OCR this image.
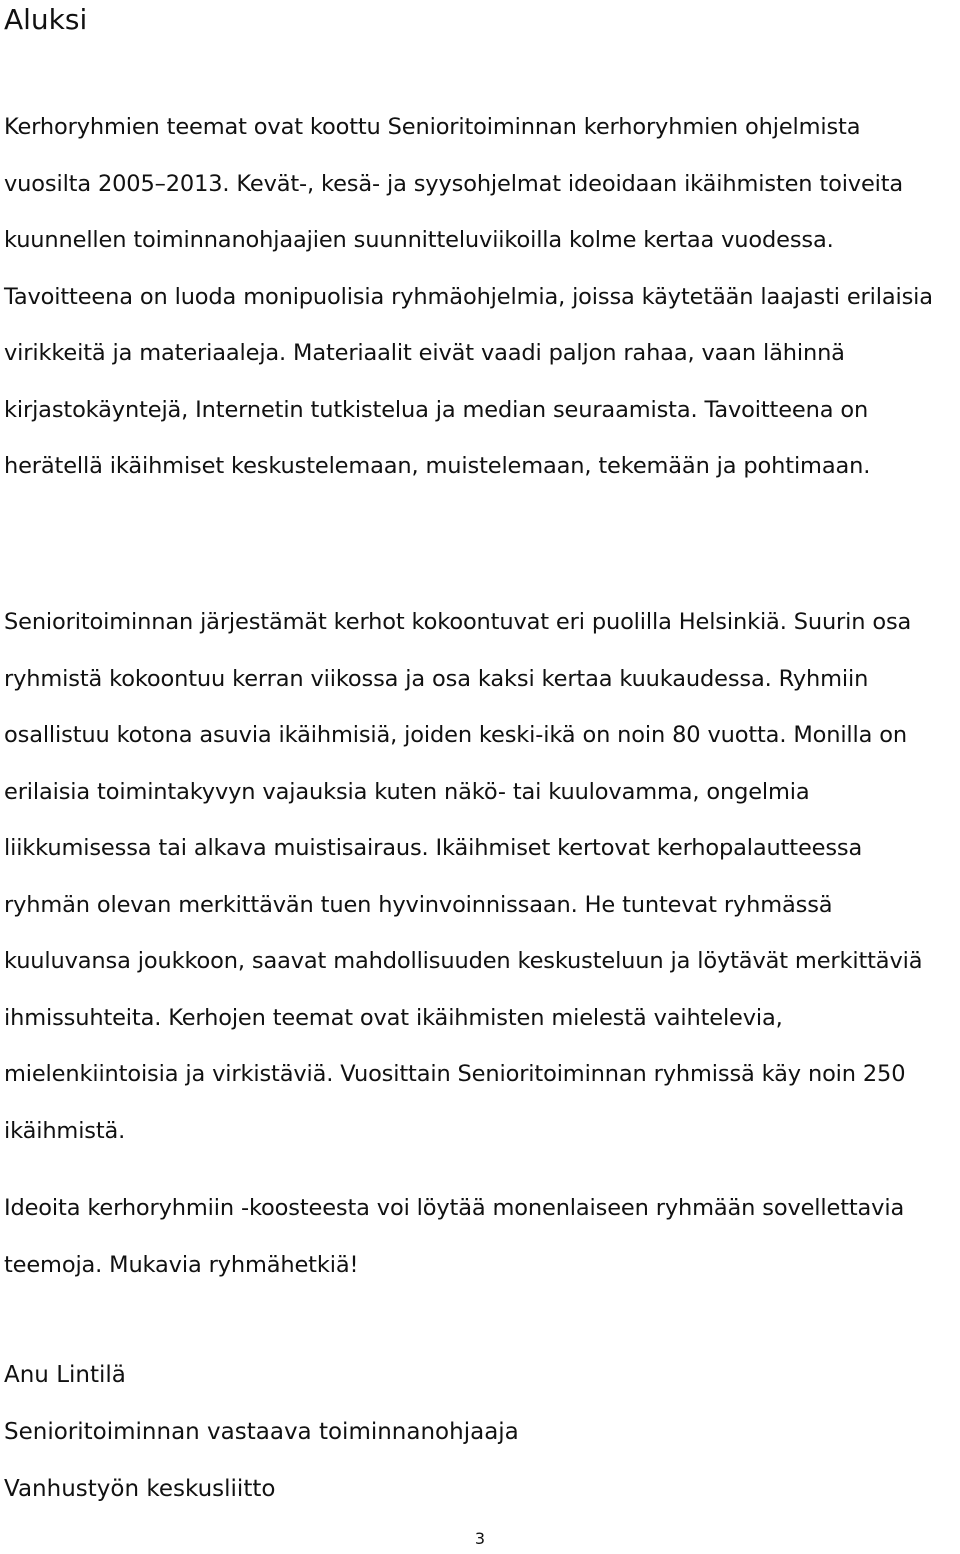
Aluksi

Kerhoryhmien teemat ovat koottu Senioritoiminnan kerhoryhmien ohjelmista vuosilta 2005–2013. Kevät-, kesä- ja syysohjelmat ideoidaan ikäihmisten toiveita kuunnellen toiminnanohjaajien suunnitteluviikoilla kolme kertaa vuodessa. Tavoitteena on luoda monipuolisia ryhmäohjelmia, joissa käytetään laajasti erilaisia virikkeitä ja materiaaleja. Materiaalit eivät vaadi paljon rahaa, vaan lähinnä kirjastokäyntejä, Internetin tutkistelua ja median seuraamista. Tavoitteena on herätellä ikäihmiset keskustelemaan, muistelemaan, tekemään ja pohtimaan.

Senioritoiminnan järjestämät kerhot kokoontuvat eri puolilla Helsinkiä. Suurin osa ryhmistä kokoontuu kerran viikossa ja osa kaksi kertaa kuukaudessa. Ryhmiin osallistuu kotona asuvia ikäihmisiä, joiden keski-ikä on noin 80 vuotta. Monilla on erilaisia toimintakyvyn vajauksia kuten näkö- tai kuulovamma, ongelmia liikkumisessa tai alkava muistisairaus. Ikäihmiset kertovat kerhopalautteessa ryhmän olevan merkittävän tuen hyvinvoinnissaan. He tuntevat ryhmässä kuuluvansa joukkoon, saavat mahdollisuuden keskusteluun ja löytävät merkittäviä ihmissuhteita. Kerhojen teemat ovat ikäihmisten mielestä vaihtelevia, mielenkiintoisia ja virkistäviä. Vuosittain Senioritoiminnan ryhmissä käy noin 250 ikäihmistä.

Ideoita kerhoryhmiin -koosteesta voi löytää monenlaiseen ryhmään sovellettavia teemoja. Mukavia ryhmähetkiä!

Anu Lintilä
Senioritoiminnan vastaava toiminnanohjaaja
Vanhustyön keskusliitto
3
